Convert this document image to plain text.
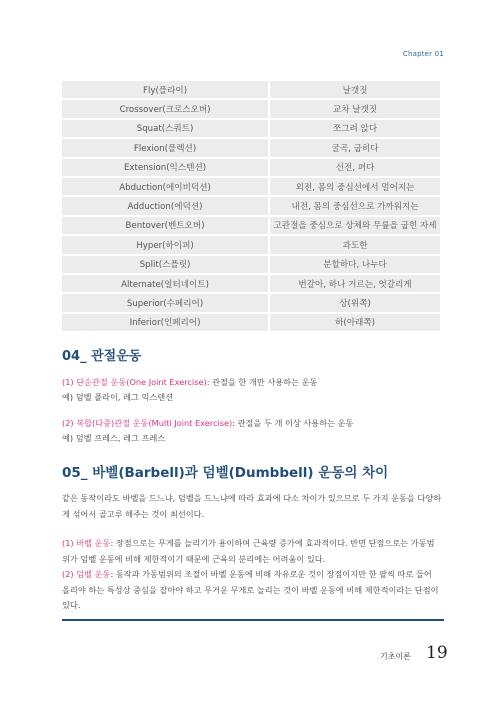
Chapter 01
Fly(플라이)	날갯짓
Crossover(크로스오버)	교차 날갯짓
Squat(스쿼트)	쪼그려 앉다
Flexion(플렉션)	굴곡, 굽히다
Extension(익스텐션)	신전, 펴다
Abduction(에이비덕션)	외전, 몸의 중심선에서 멀어지는
Adduction(에덕션)	내전, 몸의 중심선으로 가까워지는
Bentover(벤트오버)	고관절을 중심으로 상체와 무릎을 굽힌 자세
Hyper(하이퍼)	과도한
Split(스플릿)	분할하다, 나누다
Alternate(얼터네이트)	번갈아, 하나 거르는, 엇갈리게
Superior(수페리어)	상(위쪽)
Inferior(인페리어)	하(아래쪽)
04_ 관절운동
(1) 단순관절 운동(One Joint Exercise): 관절을 한 개만 사용하는 운동
예) 덤벨 플라이, 레그 익스텐션
(2) 복합(다중)관절 운동(Multi Joint Exercise): 관절을 두 개 이상 사용하는 운동
예) 덤벨 프레스, 레그 프레스
05_ 바벨(Barbell)과 덤벨(Dumbbell) 운동의 차이
같은 동작이라도 바벨을 드느냐, 덤벨을 드느냐에 따라 효과에 다소 차이가 있으므로 두 가지 운동을 다양하게 섞어서 골고루 해주는 것이 최선이다.
(1) 바벨 운동: 장점으로는 무게를 늘리기가 용이하여 근육량 증가에 효과적이다. 반면 단점으로는 가동범위가 덤벨 운동에 비해 제한적이기 때문에 근육의 분리에는 어려움이 있다.
(2) 덤벨 운동: 동작과 가동범위의 조절이 바벨 운동에 비해 자유로운 것이 장점이지만 한 팔씩 따로 들어 올리야 하는 특성상 중심을 잡아야 하고 무거운 무게로 늘리는 것이 바벨 운동에 비해 제한적이라는 단점이 있다.
기초이론 19
